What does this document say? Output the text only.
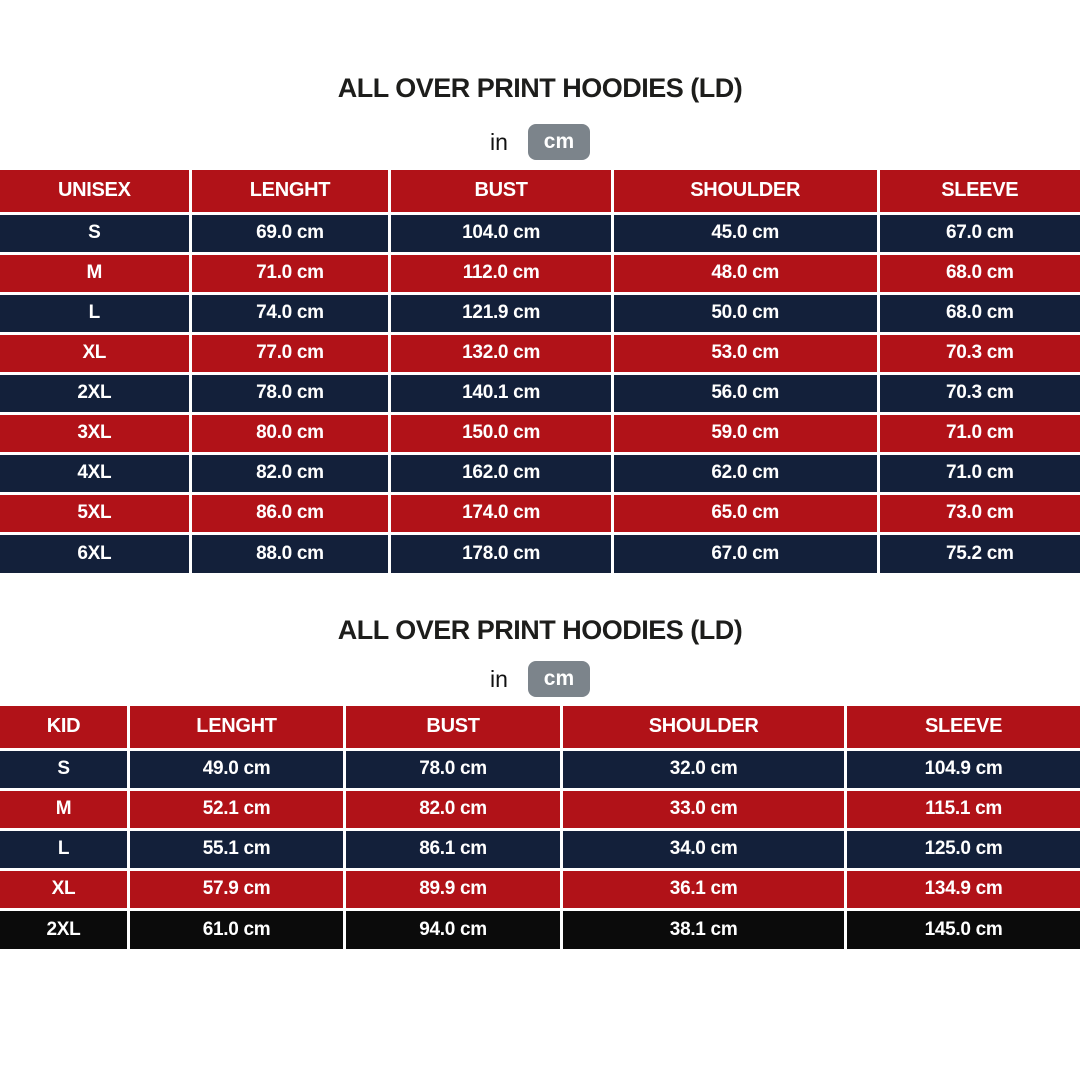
ALL OVER PRINT HOODIES (LD)
in	cm
UNISEX	LENGHT	BUST	SHOULDER	SLEEVE
S	69.0 cm	104.0 cm	45.0 cm	67.0 cm
M	71.0 cm	112.0 cm	48.0 cm	68.0 cm
L	74.0 cm	121.9 cm	50.0 cm	68.0 cm
XL	77.0 cm	132.0 cm	53.0 cm	70.3 cm
2XL	78.0 cm	140.1 cm	56.0 cm	70.3 cm
3XL	80.0 cm	150.0 cm	59.0 cm	71.0 cm
4XL	82.0 cm	162.0 cm	62.0 cm	71.0 cm
5XL	86.0 cm	174.0 cm	65.0 cm	73.0 cm
6XL	88.0 cm	178.0 cm	67.0 cm	75.2 cm
ALL OVER PRINT HOODIES (LD)
in	cm
KID	LENGHT	BUST	SHOULDER	SLEEVE
S	49.0 cm	78.0 cm	32.0 cm	104.9 cm
M	52.1 cm	82.0 cm	33.0 cm	115.1 cm
L	55.1 cm	86.1 cm	34.0 cm	125.0 cm
XL	57.9 cm	89.9 cm	36.1 cm	134.9 cm
2XL	61.0 cm	94.0 cm	38.1 cm	145.0 cm
